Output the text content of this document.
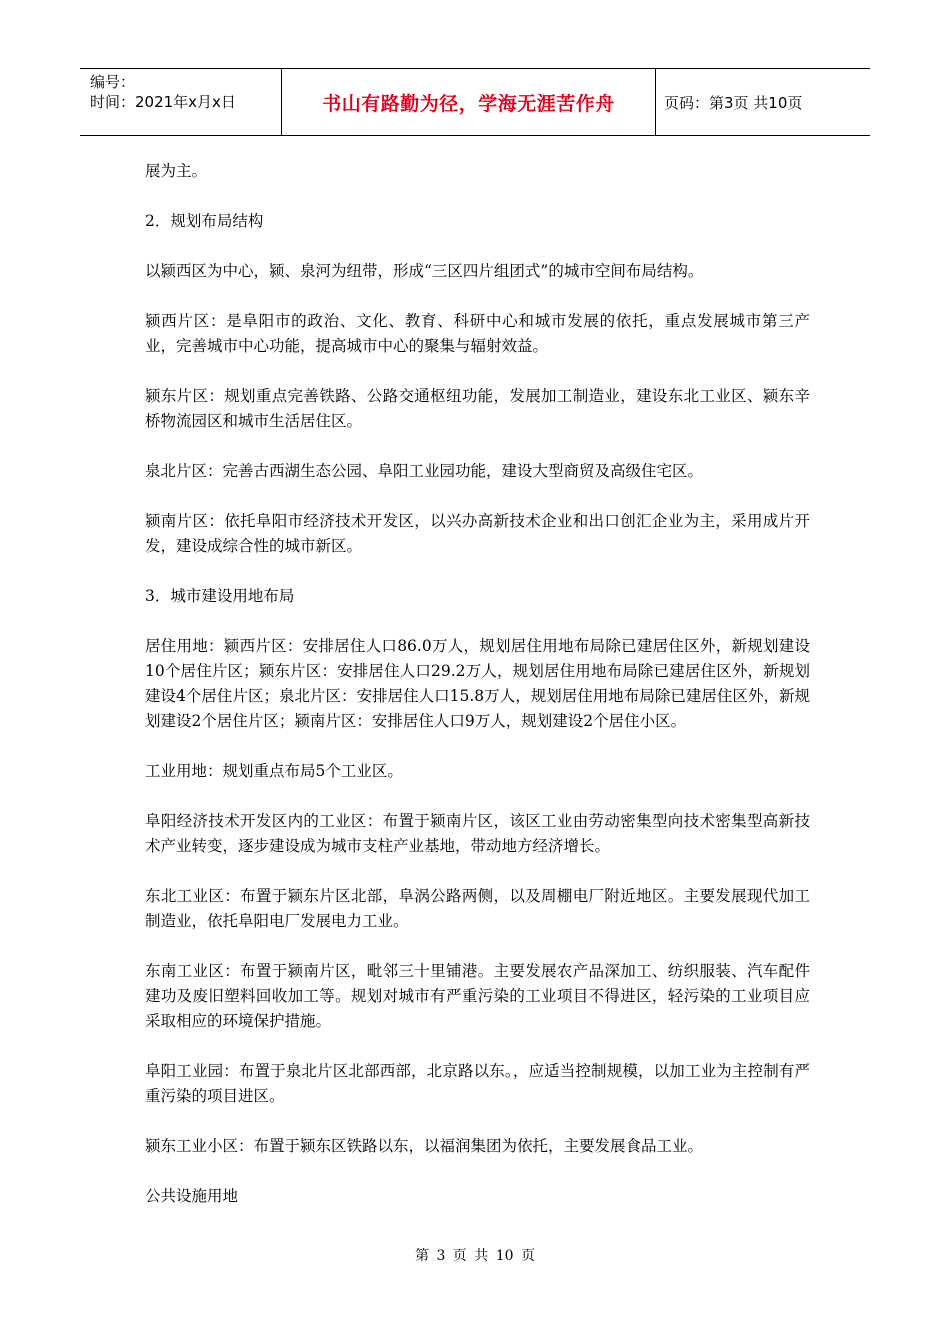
编号：
时间：2021年x月x日	书山有路勤为径，学海无涯苦作舟	页码：第3页 共10页

展为主。

2．规划布局结构

以颍西区为中心，颍、泉河为纽带，形成“三区四片组团式”的城市空间布局结构。

颍西片区：是阜阳市的政治、文化、教育、科研中心和城市发展的依托，重点发展城市第三产业，完善城市中心功能，提高城市中心的聚集与辐射效益。

颍东片区：规划重点完善铁路、公路交通枢纽功能，发展加工制造业，建设东北工业区、颍东辛桥物流园区和城市生活居住区。

泉北片区：完善古西湖生态公园、阜阳工业园功能，建设大型商贸及高级住宅区。

颍南片区：依托阜阳市经济技术开发区，以兴办高新技术企业和出口创汇企业为主，采用成片开发，建设成综合性的城市新区。

3．城市建设用地布局

居住用地：颍西片区：安排居住人口86.0万人，规划居住用地布局除已建居住区外，新规划建设10个居住片区；颍东片区：安排居住人口29.2万人，规划居住用地布局除已建居住区外，新规划建设4个居住片区；泉北片区：安排居住人口15.8万人，规划居住用地布局除已建居住区外，新规划建设2个居住片区；颍南片区：安排居住人口9万人，规划建设2个居住小区。

工业用地：规划重点布局5个工业区。

阜阳经济技术开发区内的工业区：布置于颍南片区，该区工业由劳动密集型向技术密集型高新技术产业转变，逐步建设成为城市支柱产业基地，带动地方经济增长。

东北工业区：布置于颍东片区北部，阜涡公路两侧，以及周棚电厂附近地区。主要发展现代加工制造业，依托阜阳电厂发展电力工业。

东南工业区：布置于颍南片区，毗邻三十里铺港。主要发展农产品深加工、纺织服装、汽车配件建功及废旧塑料回收加工等。规划对城市有严重污染的工业项目不得进区，轻污染的工业项目应采取相应的环境保护措施。

阜阳工业园：布置于泉北片区北部西部，北京路以东。，应适当控制规模，以加工业为主控制有严重污染的项目进区。

颍东工业小区：布置于颍东区铁路以东，以福润集团为依托，主要发展食品工业。

公共设施用地

第 3 页 共 10 页
